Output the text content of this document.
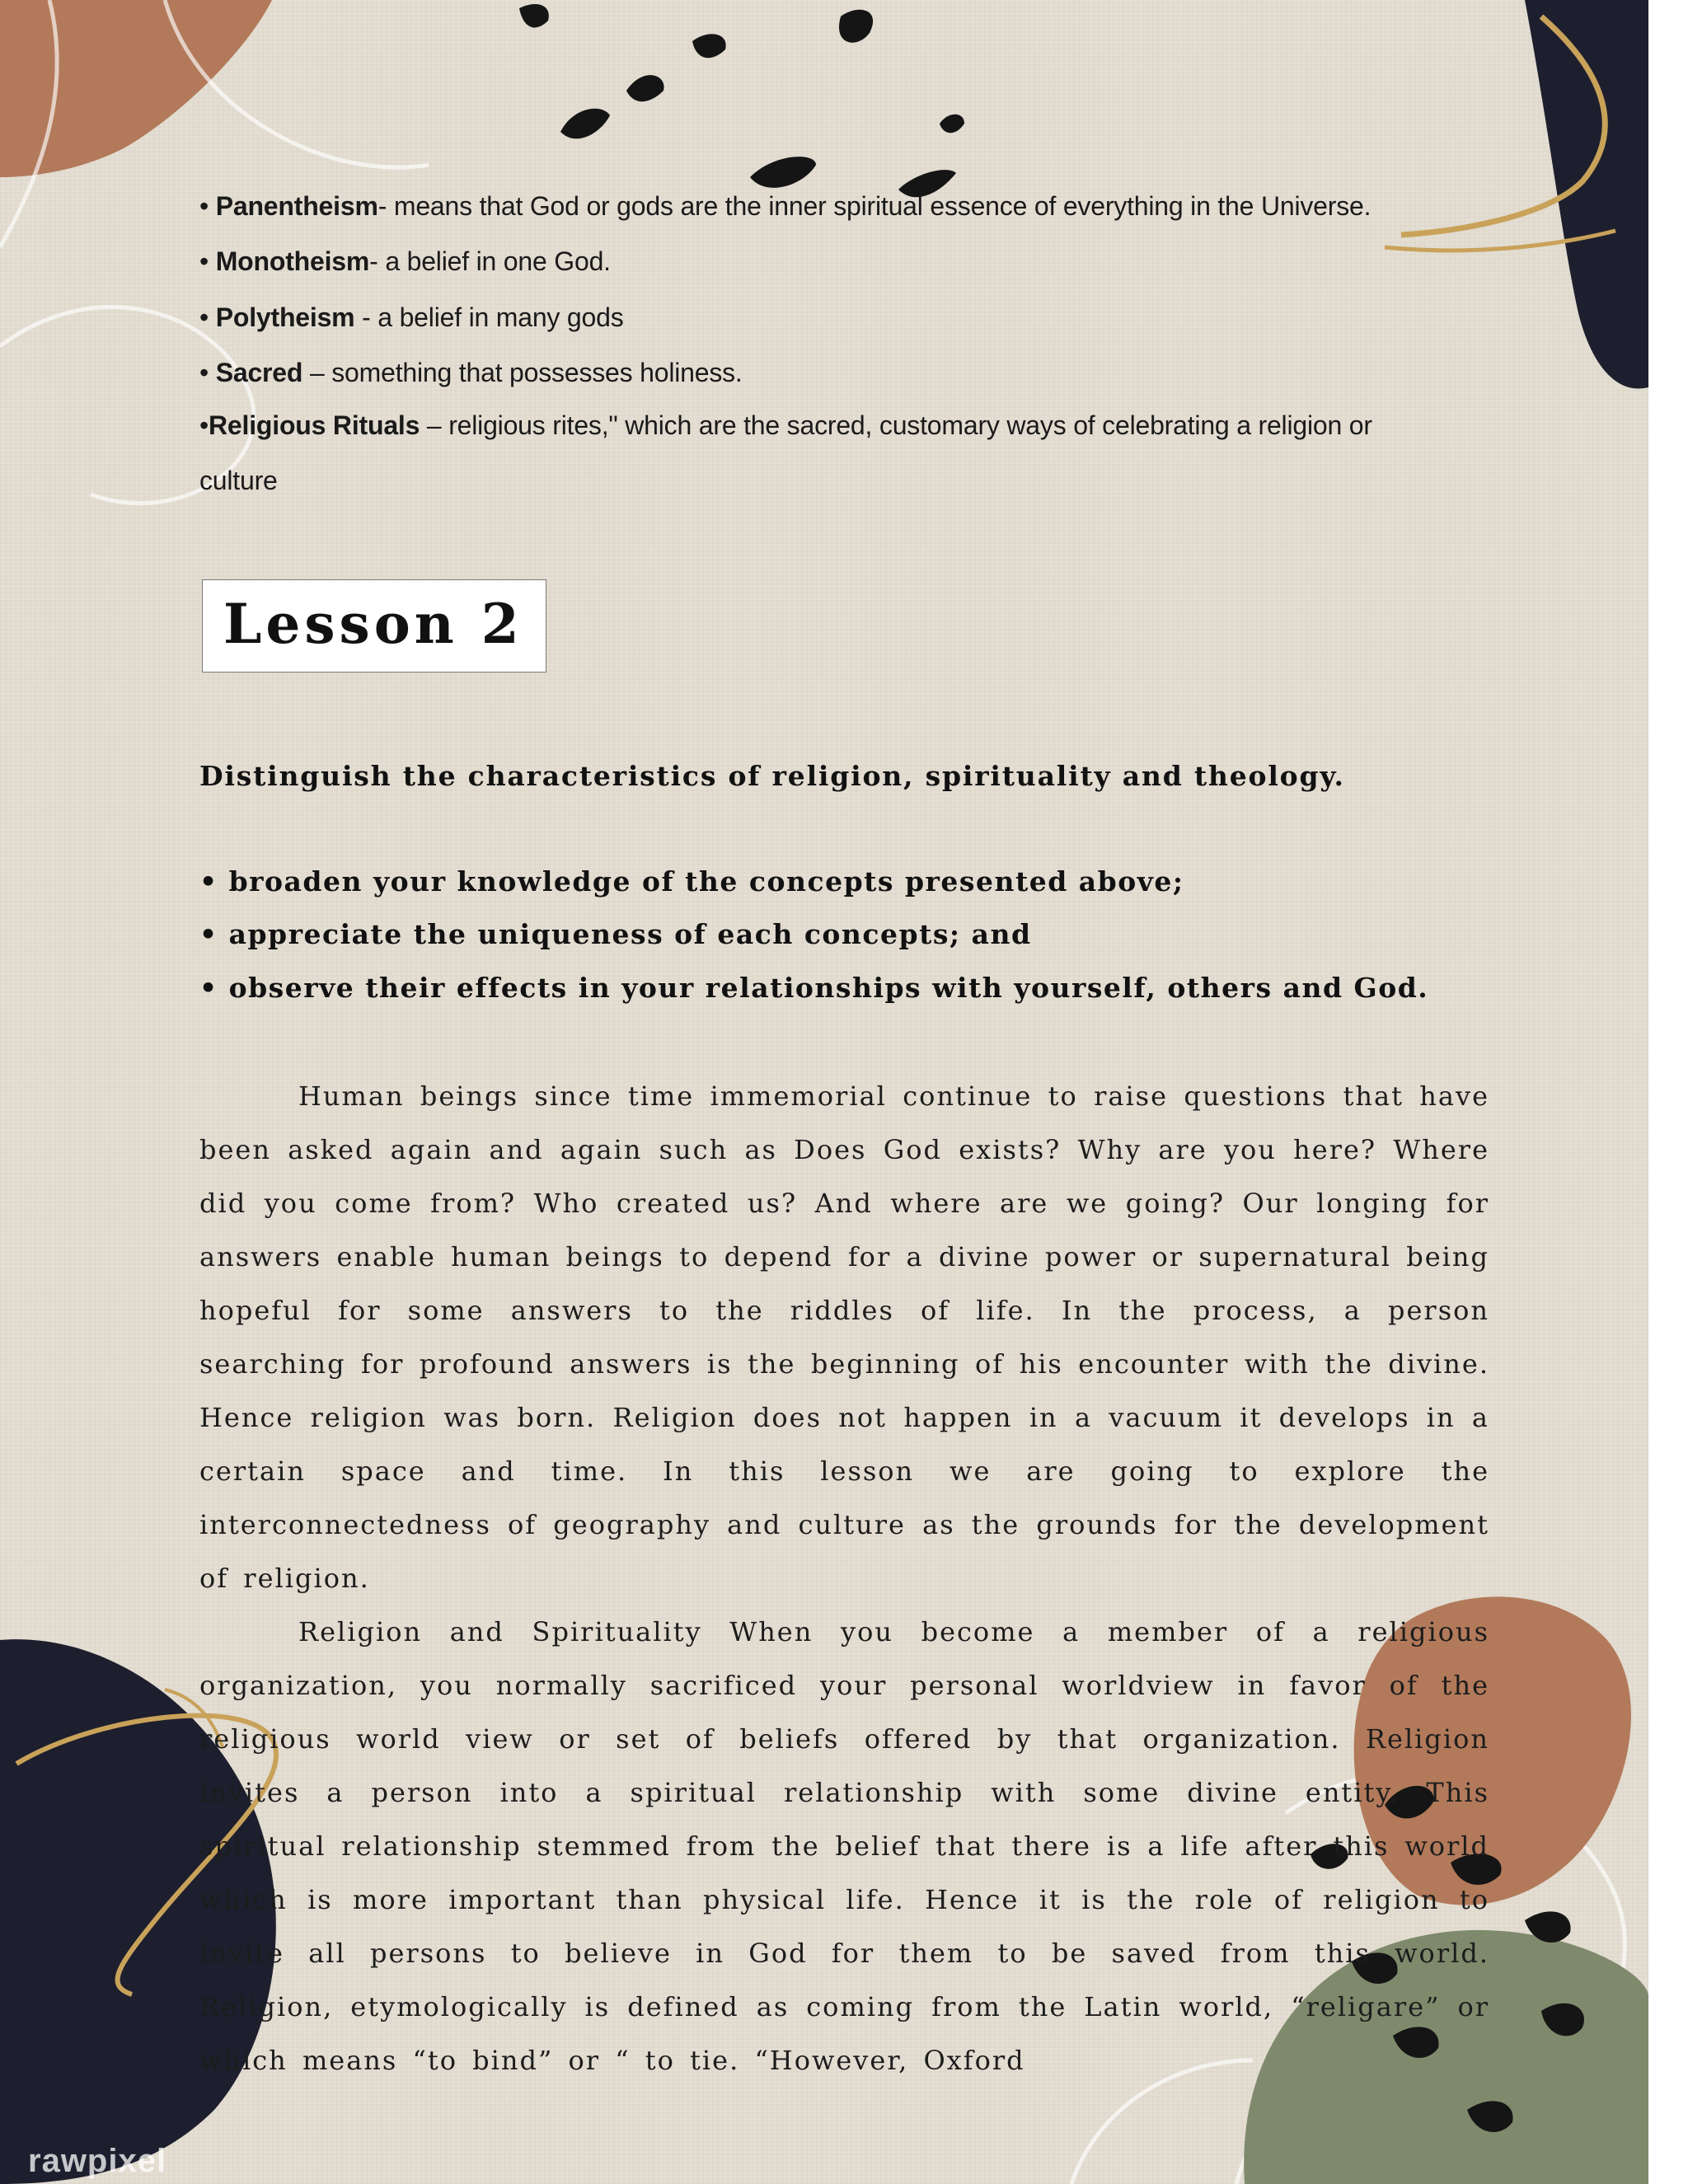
• Panentheism- means that God or gods are the inner spiritual essence of everything in the Universe.
• Monotheism- a belief in one God.
• Polytheism - a belief in many gods
• Sacred – something that possesses holiness.
•Religious Rituals – religious rites," which are the sacred, customary ways of celebrating a religion or
culture
Lesson 2
Distinguish the characteristics of religion, spirituality and theology.
• broaden your knowledge of the concepts presented above;
• appreciate the uniqueness of each concepts; and
• observe their effects in your relationships with yourself, others and God.

Human beings since time immemorial continue to raise questions that have been asked again and again such as Does God exists? Why are you here? Where did you come from? Who created us? And where are we going? Our longing for answers enable human beings to depend for a divine power or supernatural being hopeful for some answers to the riddles of life. In the process, a person searching for profound answers is the beginning of his encounter with the divine. Hence religion was born. Religion does not happen in a vacuum it develops in a certain space and time. In this lesson we are going to explore the interconnectedness of geography and culture as the grounds for the development of religion.

Religion and Spirituality When you become a member of a religious organization, you normally sacrificed your personal worldview in favor of the religious world view or set of beliefs offered by that organization. Religion invites a person into a spiritual relationship with some divine entity. This spiritual relationship stemmed from the belief that there is a life after this world which is more important than physical life. Hence it is the role of religion to invite all persons to believe in God for them to be saved from this world. Religion, etymologically is defined as coming from the Latin world, “religare” or which means “to bind” or “ to tie. “However, Oxford

rawpixel
